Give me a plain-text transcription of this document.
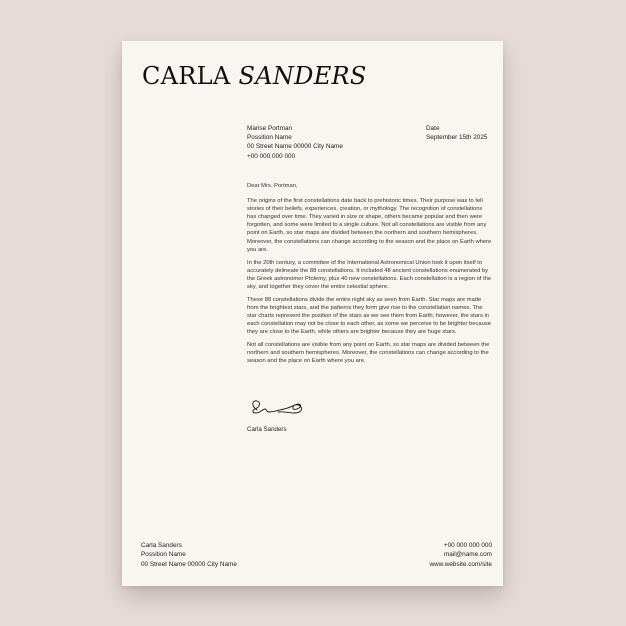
CARLA SANDERS
Marise Portman
Possition Name
00 Street Name 00000 City Name
+00 000 000 000
Date
September 15th 2025

Dear Mrs. Portman,

The origins of the first constellations date back to prehistoric times. Their purpose was to tell stories of their beliefs, experiences, creation, or mythology. The recognition of constellations has changed over time. They varied in size or shape, others became popular and then were forgotten, and some were limited to a single culture. Not all constellations are visible from any point on Earth, so star maps are divided between the northern and southern hemispheres. Moreover, the constellations can change according to the season and the place on Earth where you are.

In the 20th century, a committee of the International Astronomical Union took it upon itself to accurately delineate the 88 constellations. It included 48 ancient constellations enumerated by the Greek astronomer Ptolemy, plus 40 new constellations. Each constellation is a region of the sky, and together they cover the entire celestial sphere.

These 88 constellations divide the entire night sky as seen from Earth. Star maps are made from the brightest stars, and the patterns they form give rise to the constellation names. The star charts represent the position of the stars as we see them from Earth; however, the stars in each constellation may not be close to each other, as some we perceive to be brighter because they are close to the Earth, while others are brighter because they are huge stars.

Not all constellations are visible from any point on Earth, so star maps are divided between the northern and southern hemispheres. Moreover, the constellations can change according to the season and the place on Earth where you are.

Carla Sanders
Carla Sanders
Possition Name
00 Street Name 00000 City Name
+00 000 000 000
mail@name.com
www.website.com/site
